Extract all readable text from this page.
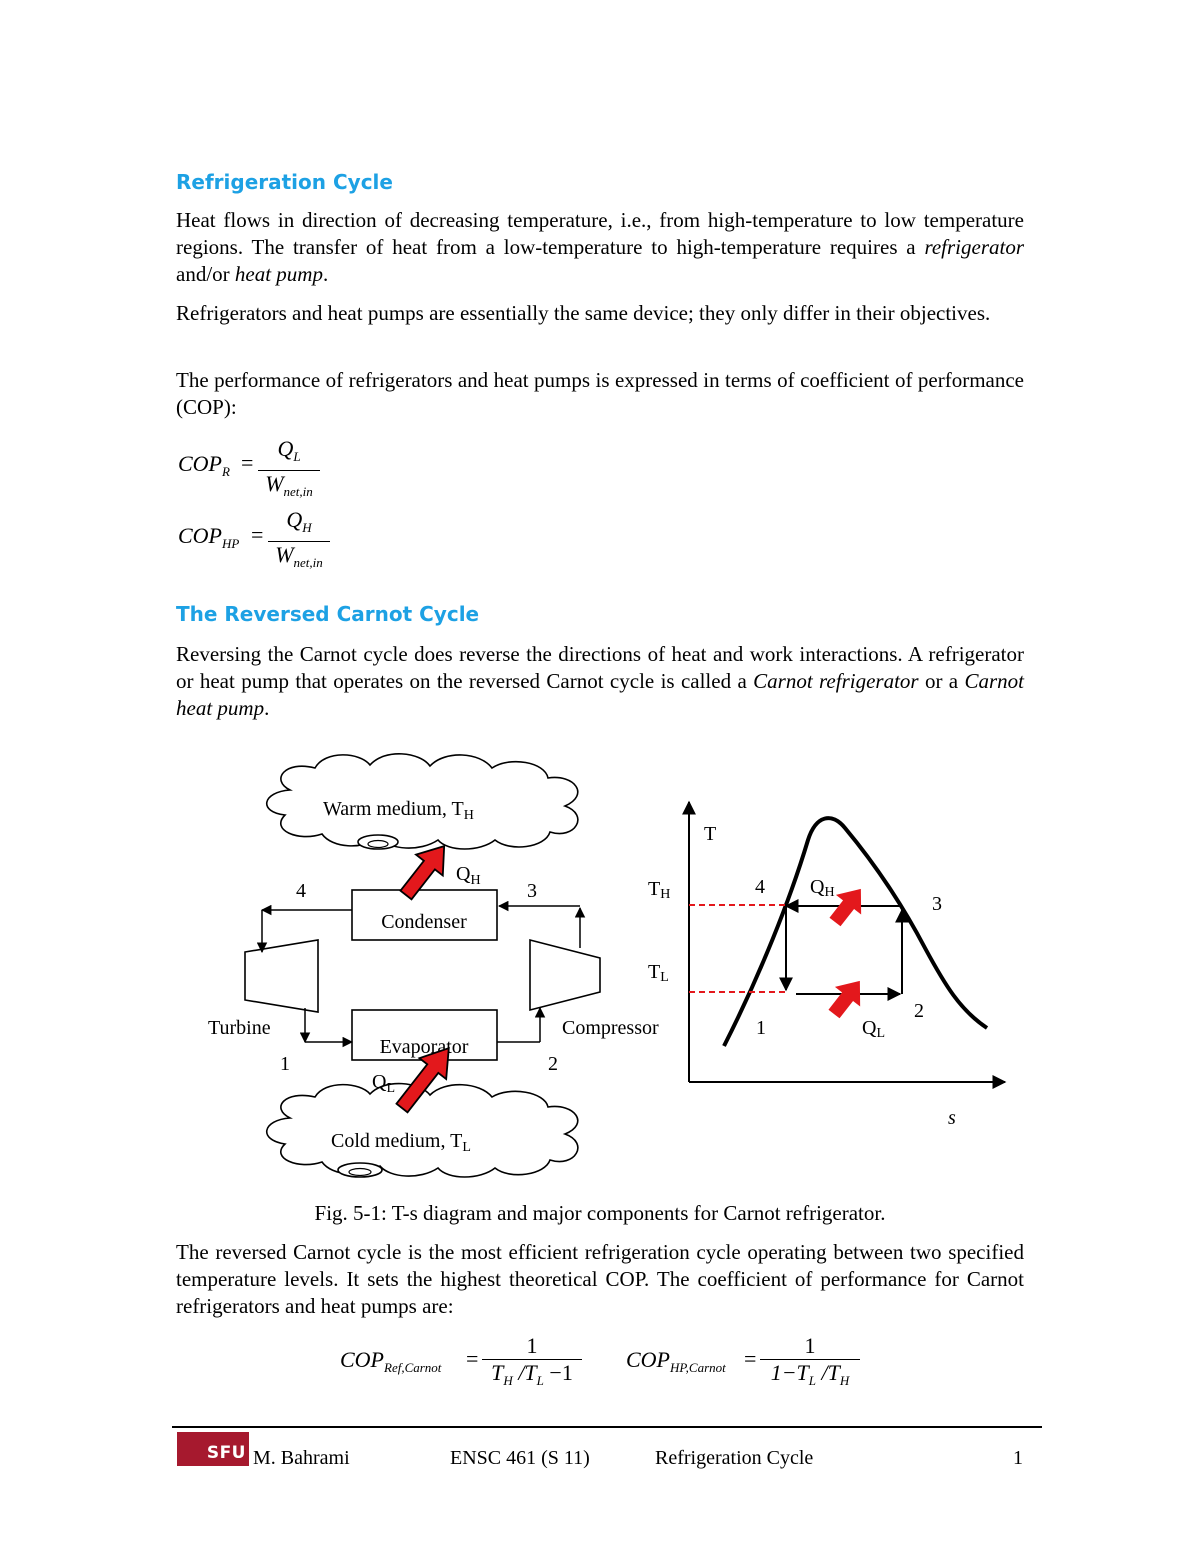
Refrigeration Cycle

Heat flows in direction of decreasing temperature, i.e., from high-temperature to low temperature regions. The transfer of heat from a low-temperature to high-temperature requires a refrigerator and/or heat pump.

Refrigerators and heat pumps are essentially the same device; they only differ in their objectives.

The performance of refrigerators and heat pumps is expressed in terms of coefficient of performance (COP):

$COP_R$ =
$Q_L$
$W_{net,in}$
$COP_{HP}$ =
$Q_H$
$W_{net,in}$
The Reversed Carnot Cycle

Reversing the Carnot cycle does reverse the directions of heat and work interactions. A refrigerator or heat pump that operates on the reversed Carnot cycle is called a Carnot refrigerator or a Carnot heat pump.

Warm medium, $T_H$
Cold medium, $T_L$
Condenser
Evaporator
Turbine	Compressor
4	3
1	2
$Q_H$
$Q_L$
T
s
TH
TL
4
3
2
1
QH
QL
Fig. 5-1: T-s diagram and major components for Carnot refrigerator.

The reversed Carnot cycle is the most efficient refrigeration cycle operating between two specified temperature levels. It sets the highest theoretical COP. The coefficient of performance for Carnot refrigerators and heat pumps are:

$COP_{Ref,Carnot}$ =
1
$T_H$ $/T_L -1$
$COP_{HP,Carnot}$ =
1
$1-T_L$ $/T_H$
SFU M. Bahrami	ENSC 461 (S 11)	Refrigeration Cycle	1
